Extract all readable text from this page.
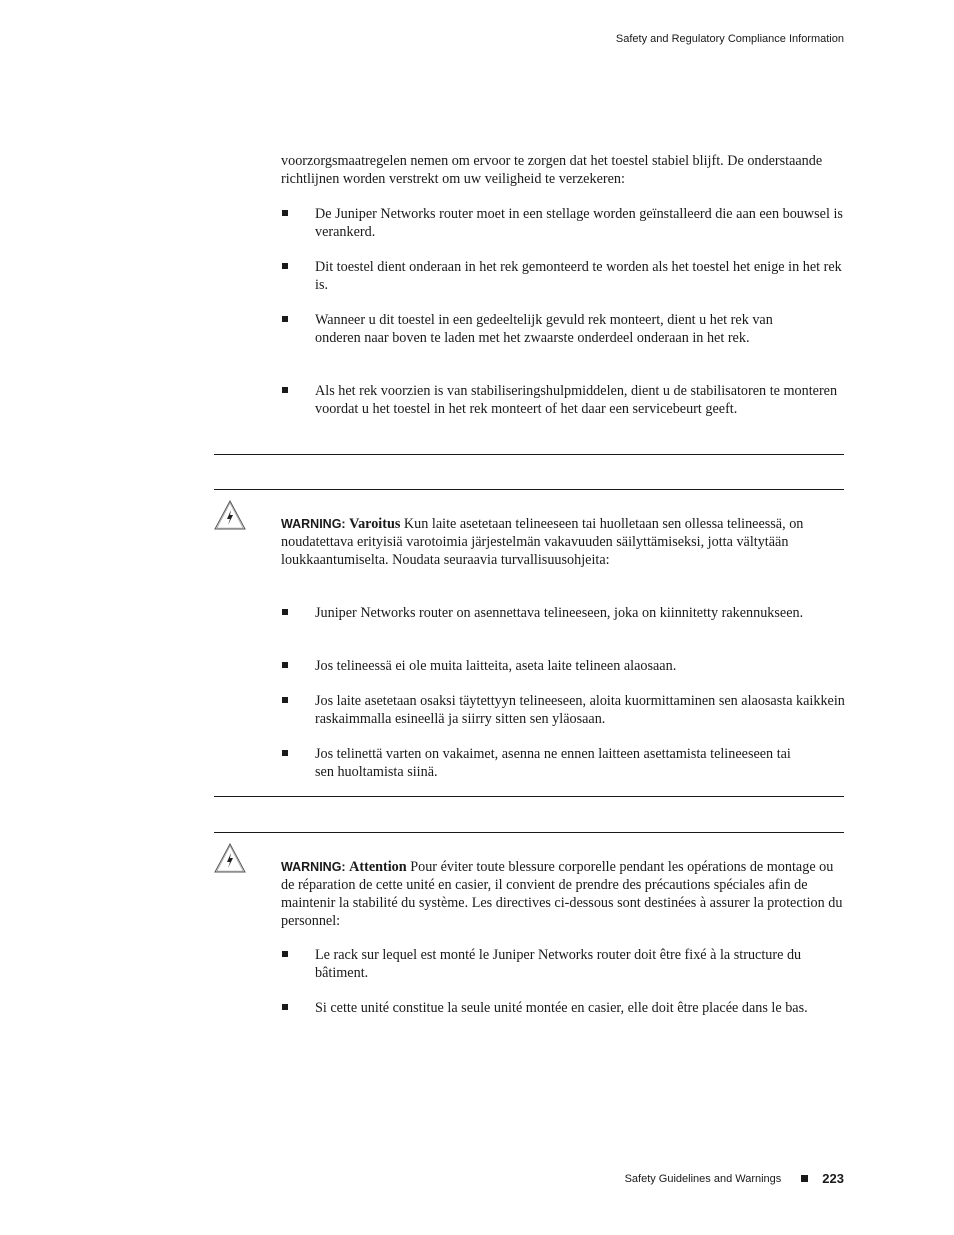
Safety and Regulatory Compliance Information
voorzorgsmaatregelen nemen om ervoor te zorgen dat het toestel stabiel blijft. De onderstaande richtlijnen worden verstrekt om uw veiligheid te verzekeren:
De Juniper Networks router moet in een stellage worden geïnstalleerd die aan een bouwsel is verankerd.
Dit toestel dient onderaan in het rek gemonteerd te worden als het toestel het enige in het rek is.
Wanneer u dit toestel in een gedeeltelijk gevuld rek monteert, dient u het rek van onderen naar boven te laden met het zwaarste onderdeel onderaan in het rek.
Als het rek voorzien is van stabiliseringshulpmiddelen, dient u de stabilisatoren te monteren voordat u het toestel in het rek monteert of het daar een servicebeurt geeft.
WARNING: Varoitus Kun laite asetetaan telineeseen tai huolletaan sen ollessa telineessä, on noudatettava erityisiä varotoimia järjestelmän vakavuuden säilyttämiseksi, jotta vältytään loukkaantumiselta. Noudata seuraavia turvallisuusohjeita:
Juniper Networks router on asennettava telineeseen, joka on kiinnitetty rakennukseen.
Jos telineessä ei ole muita laitteita, aseta laite telineen alaosaan.
Jos laite asetetaan osaksi täytettyyn telineeseen, aloita kuormittaminen sen alaosasta kaikkein raskaimmalla esineellä ja siirry sitten sen yläosaan.
Jos telinettä varten on vakaimet, asenna ne ennen laitteen asettamista telineeseen tai sen huoltamista siinä.
WARNING: Attention Pour éviter toute blessure corporelle pendant les opérations de montage ou de réparation de cette unité en casier, il convient de prendre des précautions spéciales afin de maintenir la stabilité du système. Les directives ci-dessous sont destinées à assurer la protection du personnel:
Le rack sur lequel est monté le Juniper Networks router doit être fixé à la structure du bâtiment.
Si cette unité constitue la seule unité montée en casier, elle doit être placée dans le bas.
Safety Guidelines and Warnings	223
